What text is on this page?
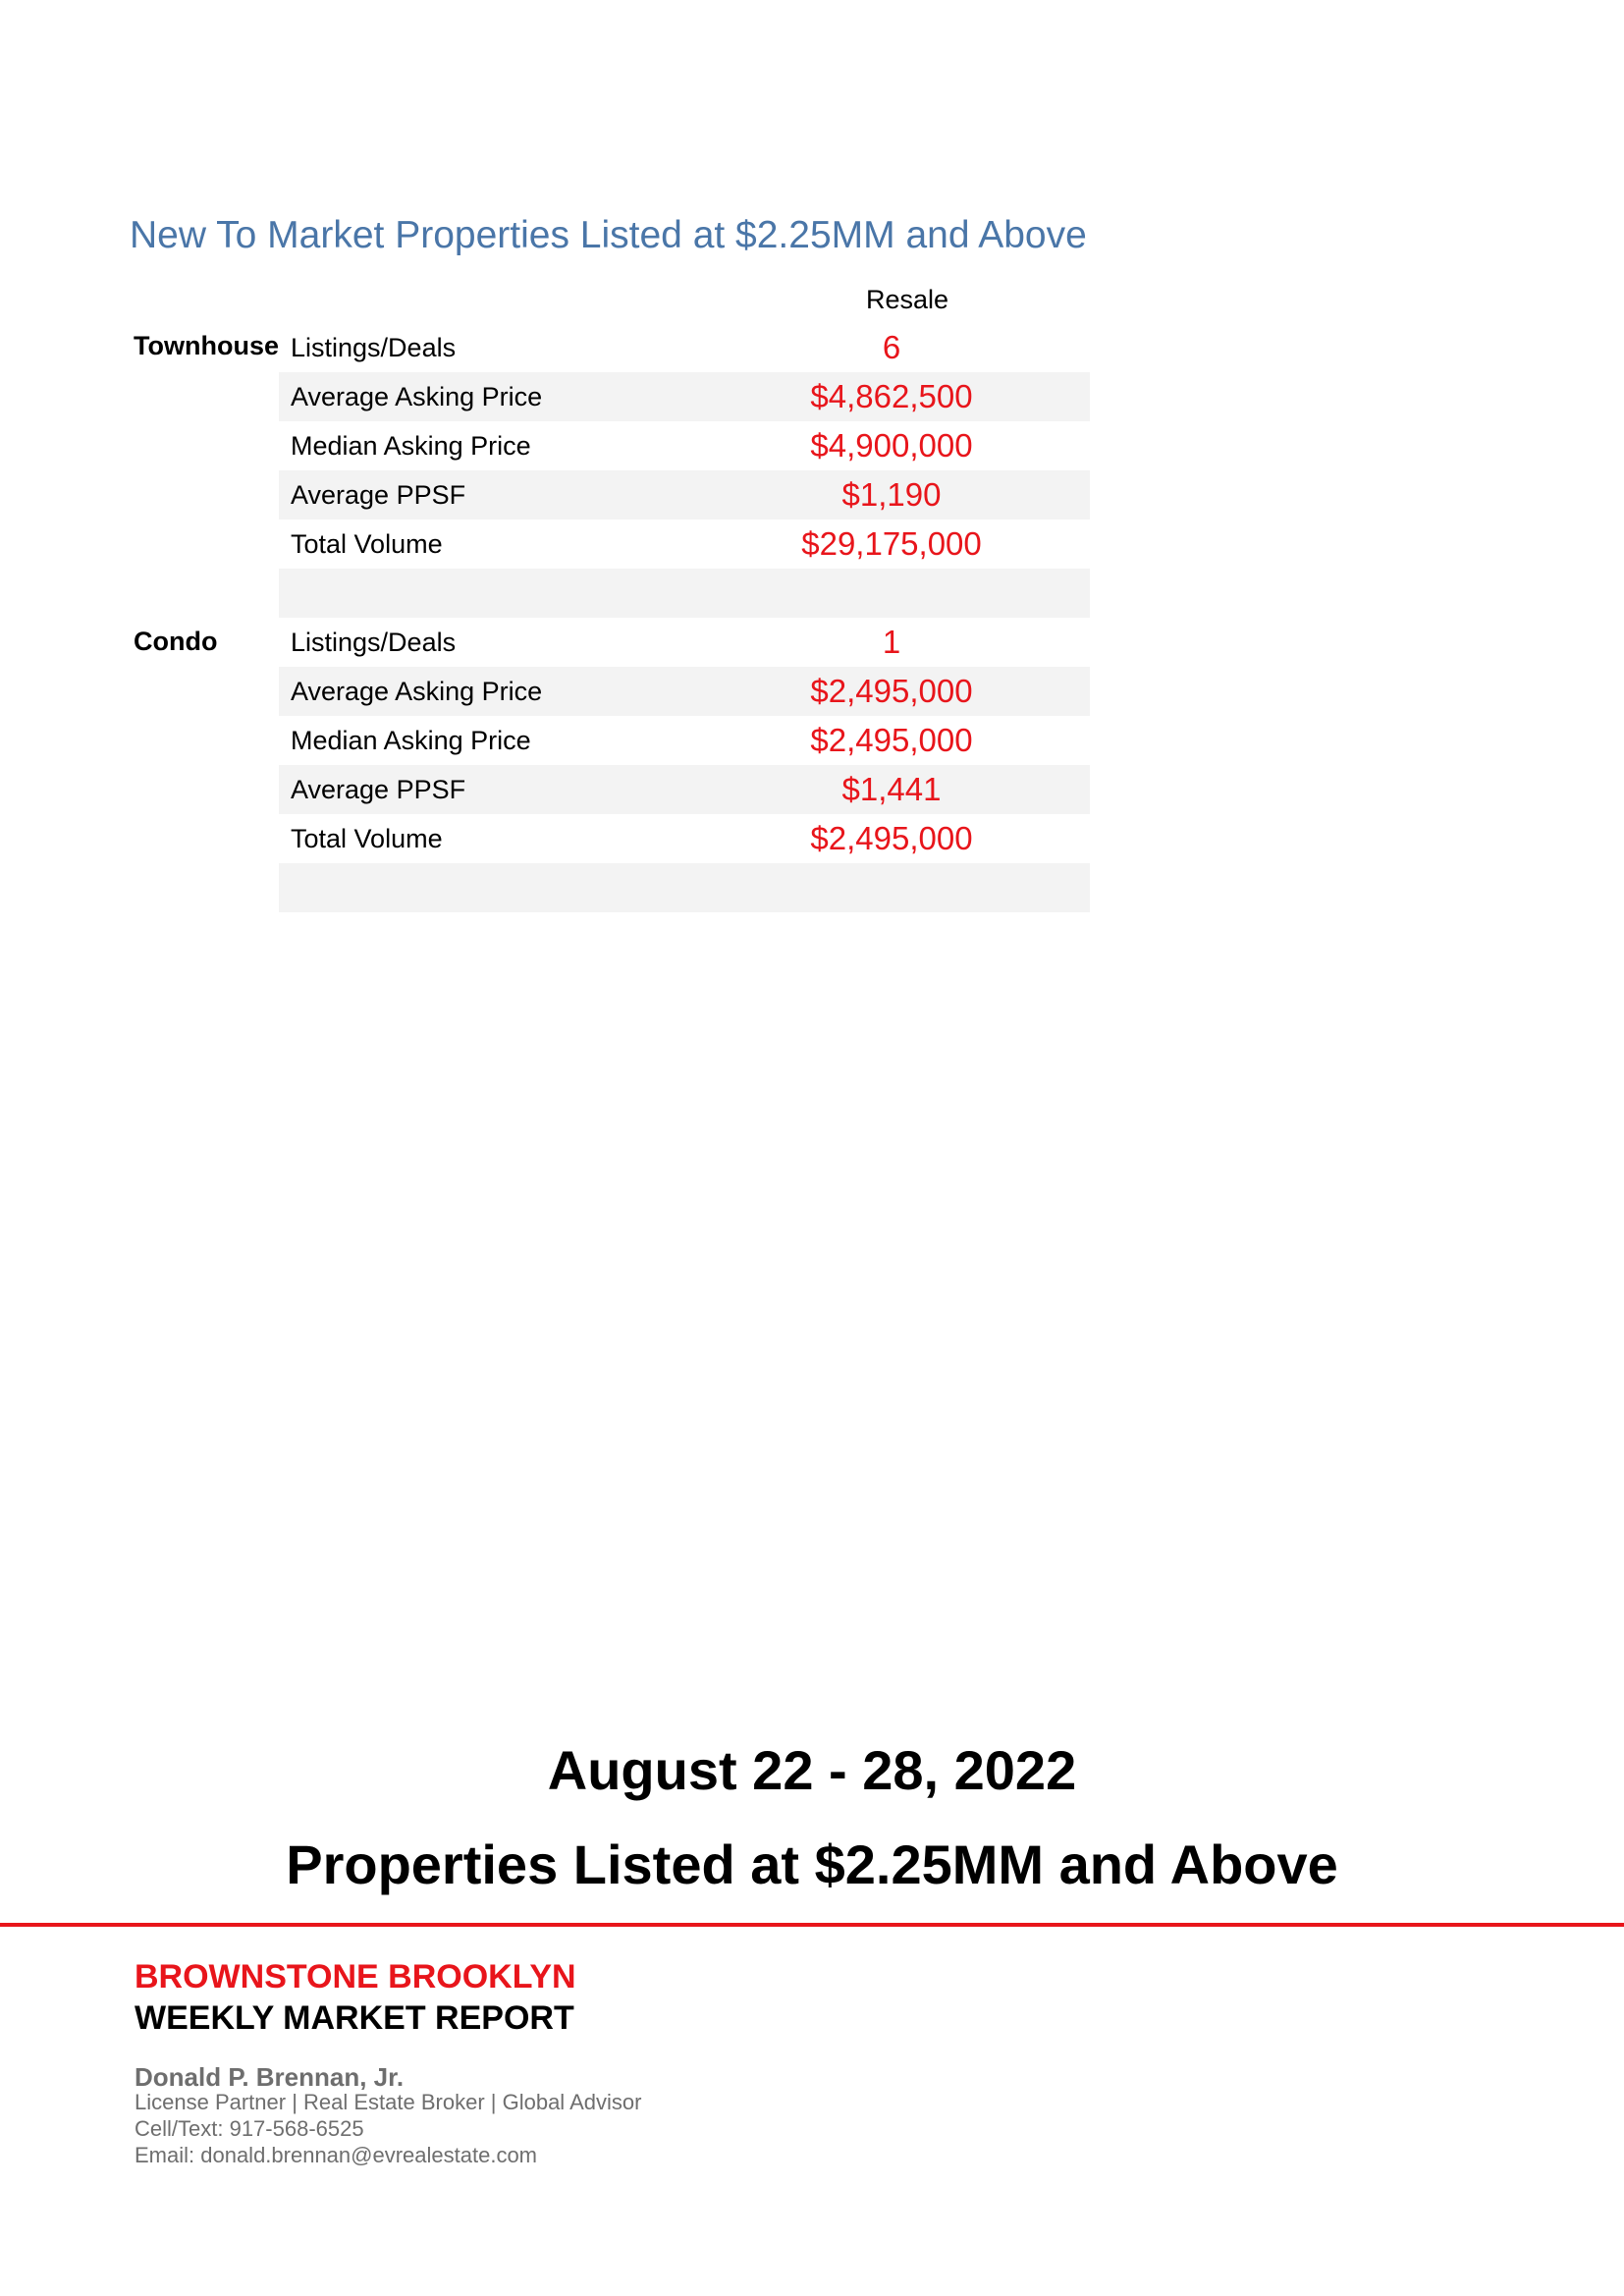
New To Market Properties Listed at $2.25MM and Above
Resale
Townhouse Listings/Deals	6
Average Asking Price	$4,862,500
Median Asking Price	$4,900,000
Average PPSF	$1,190
Total Volume	$29,175,000
Condo	Listings/Deals	1
Average Asking Price	$2,495,000
Median Asking Price	$2,495,000
Average PPSF	$1,441
Total Volume	$2,495,000
August 22 - 28, 2022
Properties Listed at $2.25MM and Above
BROWNSTONE BROOKLYN
WEEKLY MARKET REPORT
Donald P. Brennan, Jr.
License Partner | Real Estate Broker | Global Advisor
Cell/Text: 917-568-6525
Email: donald.brennan@evrealestate.com
